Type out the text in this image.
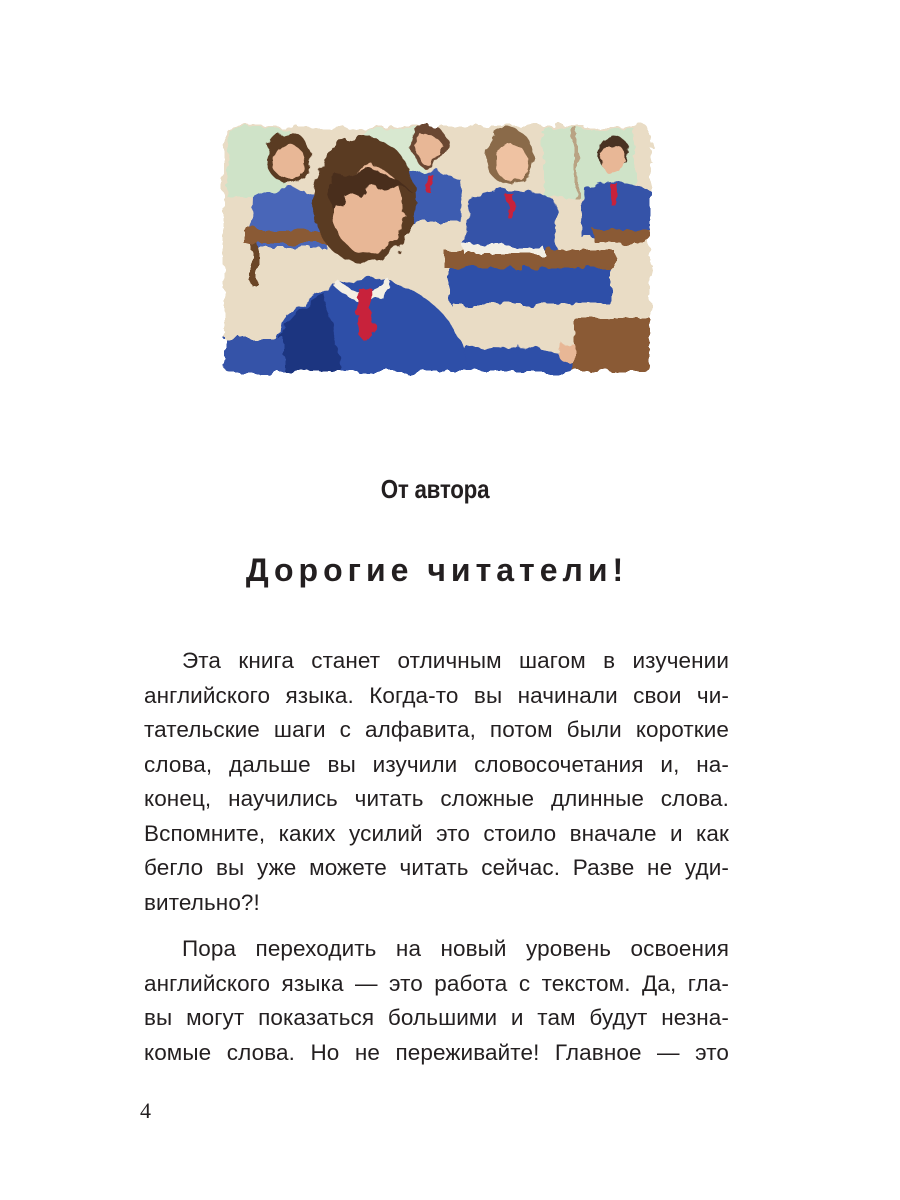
От автора
Дорогие читатели!
Эта книга станет отличным шагом в изучении
английского языка. Когда-то вы начинали свои чи-
тательские шаги с алфавита, потом были короткие
слова, дальше вы изучили словосочетания и, на-
конец, научились читать сложные длинные слова.
Вспомните, каких усилий это стоило вначале и как
бегло вы уже можете читать сейчас. Разве не уди-
вительно?!
Пора переходить на новый уровень освоения
английского языка — это работа с текстом. Да, гла-
вы могут показаться большими и там будут незна-
комые слова. Но не переживайте! Главное — это
4
